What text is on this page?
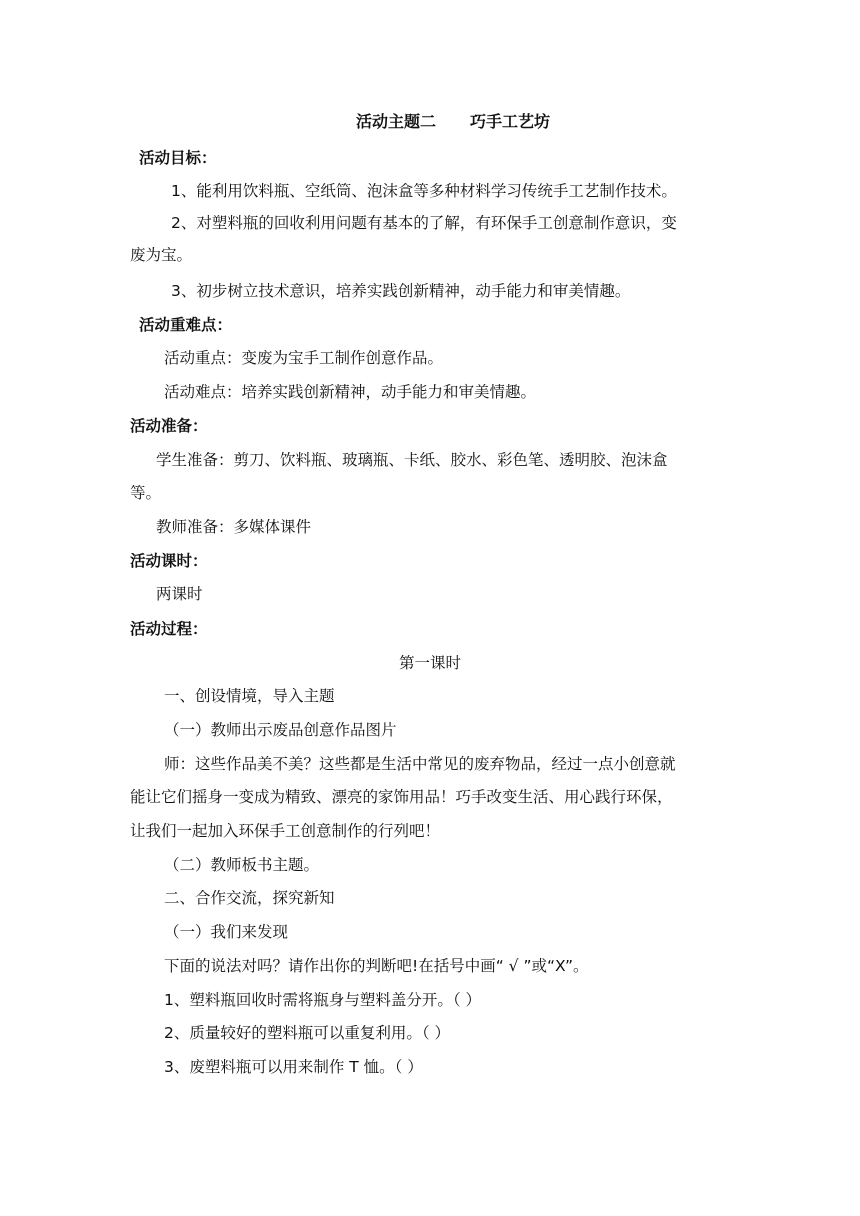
活动主题二 巧手工艺坊
活动目标：
1、能利用饮料瓶、空纸筒、泡沫盒等多种材料学习传统手工艺制作技术。
2、对塑料瓶的回收利用问题有基本的了解，有环保手工创意制作意识，变
废为宝。
3、初步树立技术意识，培养实践创新精神，动手能力和审美情趣。
活动重难点：
活动重点：变废为宝手工制作创意作品。
活动难点：培养实践创新精神，动手能力和审美情趣。
活动准备：
学生准备：剪刀、饮料瓶、玻璃瓶、卡纸、胶水、彩色笔、透明胶、泡沫盒
等。
教师准备：多媒体课件
活动课时：
两课时
活动过程：
第一课时
一、创设情境，导入主题
（一）教师出示废品创意作品图片
师：这些作品美不美？这些都是生活中常见的废弃物品，经过一点小创意就
能让它们摇身一变成为精致、漂亮的家饰用品！巧手改变生活、用心践行环保，
让我们一起加入环保手工创意制作的行列吧！
（二）教师板书主题。
二、合作交流，探究新知
（一）我们来发现
下面的说法对吗？请作出你的判断吧!在括号中画“ √ ”或“X”。
1、塑料瓶回收时需将瓶身与塑料盖分开。（ ）
2、质量较好的塑料瓶可以重复利用。（ ）
3、废塑料瓶可以用来制作 T 恤。（ ）
